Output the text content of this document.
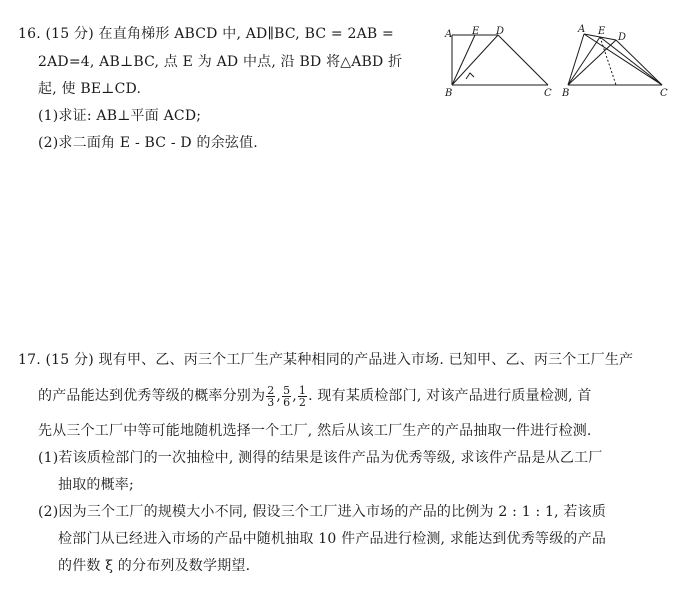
16. (15 分) 在直角梯形 ABCD 中, AD∥BC, BC = 2AB =
2AD=4, AB⊥BC, 点 E 为 AD 中点, 沿 BD 将△ABD 折
起, 使 BE⊥CD.
(1)求证: AB⊥平面 ACD;
(2)求二面角 E - BC - D 的余弦值.
A E D
B	C
A E
D
B	C
17. (15 分) 现有甲、乙、丙三个工厂生产某种相同的产品进入市场. 已知甲、乙、丙三个工厂生产
的产品能达到优秀等级的概率分别为 $\frac{2}{3}$ , $\frac{5}{6}$ , $\frac{1}{2}$ . 现有某质检部门, 对该产品进行质量检测, 首
先从三个工厂中等可能地随机选择一个工厂, 然后从该工厂生产的产品抽取一件进行检测.
(1)若该质检部门的一次抽检中, 测得的结果是该件产品为优秀等级, 求该件产品是从乙工厂
抽取的概率;
(2)因为三个工厂的规模大小不同, 假设三个工厂进入市场的产品的比例为 2 : 1 : 1, 若该质
检部门从已经进入市场的产品中随机抽取 10 件产品进行检测, 求能达到优秀等级的产品
的件数 ξ 的分布列及数学期望.
